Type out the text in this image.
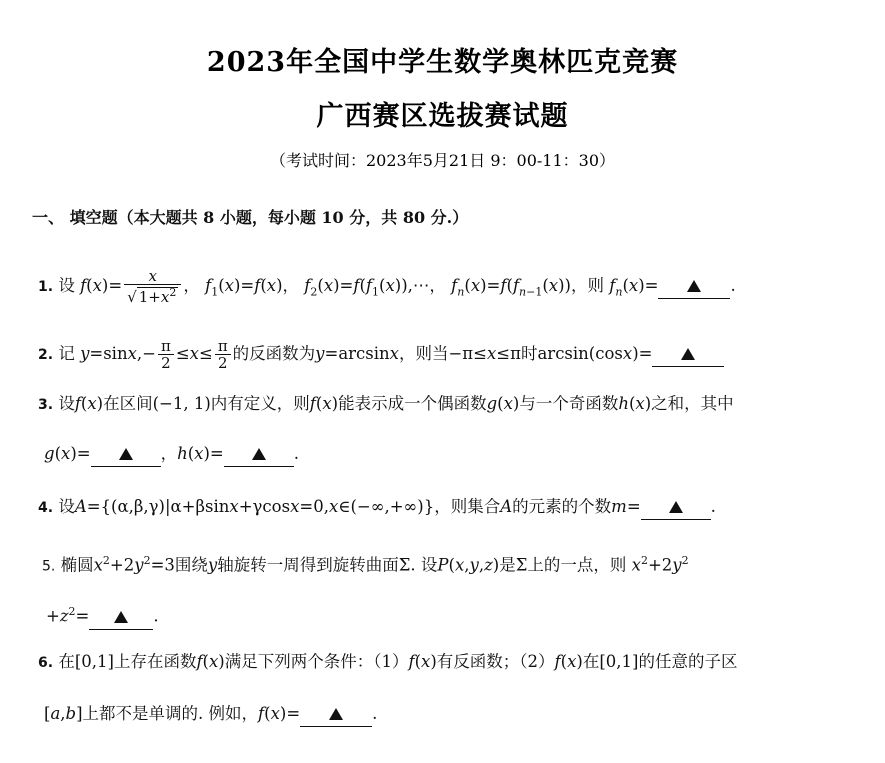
2023年全国中学生数学奥林匹克竞赛
广西赛区选拔赛试题
（考试时间：2023年5月21日 9：00-11：30）
一、 填空题（本大题共 8 小题，每小题 10 分，共 80 分.）
1. 设 $f(x)= \frac{x}{√ 1+x^2}$ ， $f_1(x)=f(x)$， $f_2(x)=f(f_1(x)),\cdots$， $f_n(x)=f(f_{n-1}(x))$，则 $f_n(x)=$	.
2. 记 $y=\sin x,- \frac{\pi}{2} \le x\le \frac{\pi}{2}$ 的反函数为y=arcsinx，则当−π≤x≤π时arcsin(cosx)=
3. 设f(x)在区间(−1, 1)内有定义，则f(x)能表示成一个偶函数g(x)与一个奇函数h(x)之和，其中
g(x)=	，h(x)=	.
4. 设A={(α,β,γ)|α+βsinx+γcosx=0,x∈(−∞,+∞)}，则集合A的元素的个数m=	.
5. 椭圆$x^2+2y^2=3$围绕y轴旋转一周得到旋转曲面Σ. 设P(x,y,z)是Σ上的一点，则 $x^2+2y^2$
$+z^2=$	.
6. 在[0,1]上存在函数f(x)满足下列两个条件：（1）f(x)有反函数；（2）f(x)在[0,1]的任意的子区
[a,b]上都不是单调的. 例如，f(x)=	.
